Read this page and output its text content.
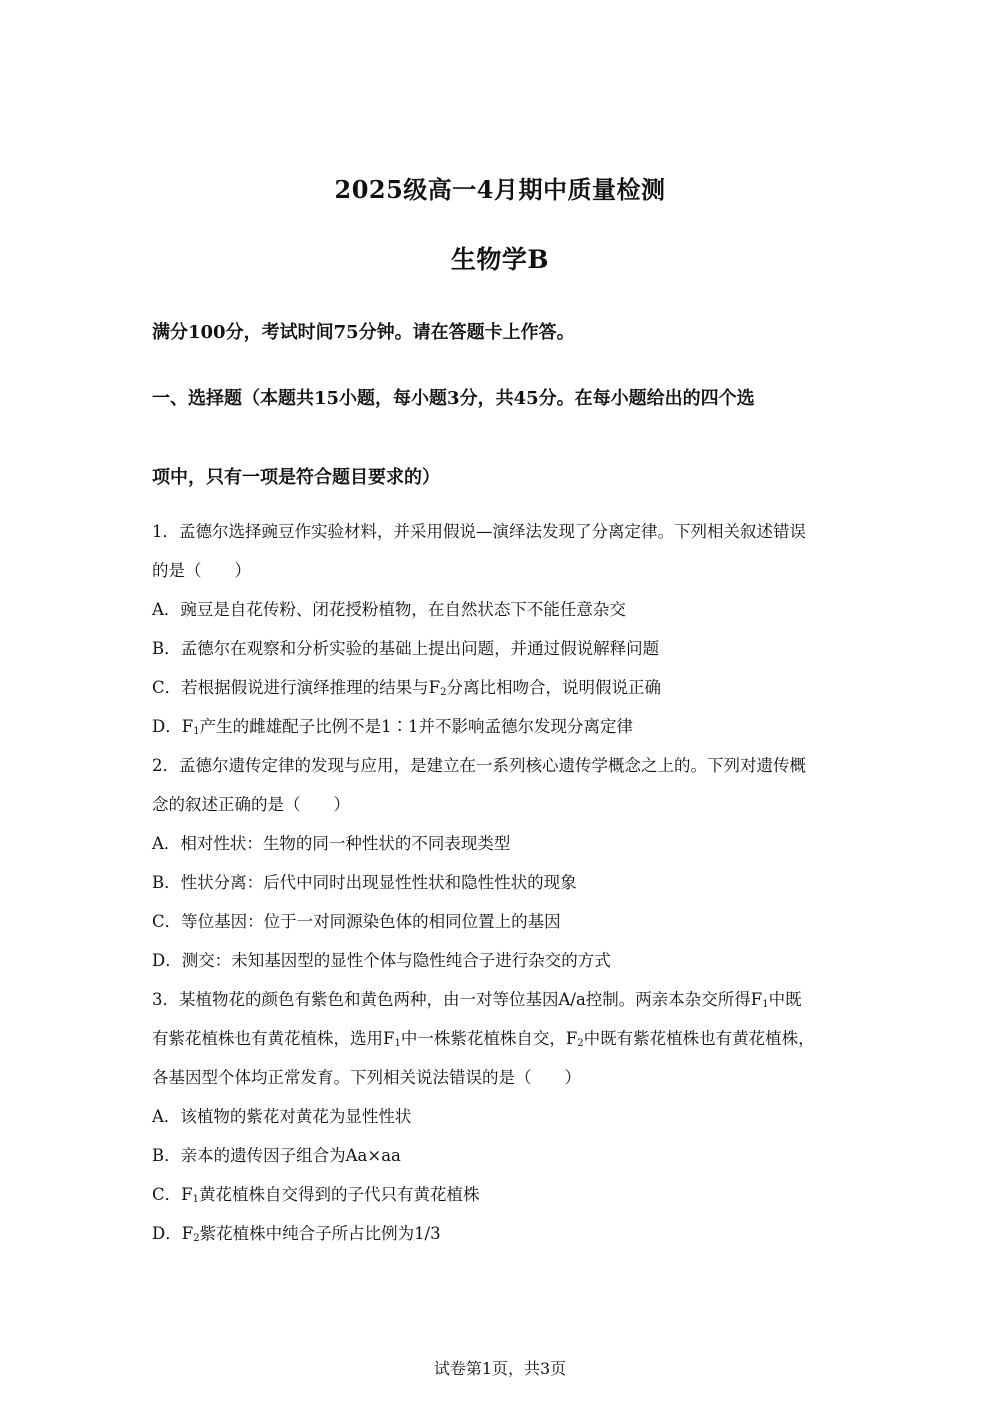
2025级高一4月期中质量检测
生物学B
满分100分，考试时间75分钟。请在答题卡上作答。
一、选择题（本题共15小题，每小题3分，共45分。在每小题给出的四个选
项中，只有一项是符合题目要求的）
1．孟德尔选择豌豆作实验材料，并采用假说—演绎法发现了分离定律。下列相关叙述错误
的是（　　）
A．豌豆是自花传粉、闭花授粉植物，在自然状态下不能任意杂交
B．孟德尔在观察和分析实验的基础上提出问题，并通过假说解释问题
C．若根据假说进行演绎推理的结果与$F_2$分离比相吻合，说明假说正确
D．$F_1$产生的雌雄配子比例不是1∶1并不影响孟德尔发现分离定律
2．孟德尔遗传定律的发现与应用，是建立在一系列核心遗传学概念之上的。下列对遗传概
念的叙述正确的是（　　）
A．相对性状：生物的同一种性状的不同表现类型
B．性状分离：后代中同时出现显性性状和隐性性状的现象
C．等位基因：位于一对同源染色体的相同位置上的基因
D．测交：未知基因型的显性个体与隐性纯合子进行杂交的方式
3．某植物花的颜色有紫色和黄色两种，由一对等位基因A/a控制。两亲本杂交所得$F_1$中既
有紫花植株也有黄花植株，选用$F_1$中一株紫花植株自交，$F_2$中既有紫花植株也有黄花植株，
各基因型个体均正常发育。下列相关说法错误的是（　　）
A．该植物的紫花对黄花为显性性状
B．亲本的遗传因子组合为Aa×aa
C．$F_1$黄花植株自交得到的子代只有黄花植株
D．$F_2$紫花植株中纯合子所占比例为1/3
试卷第1页，共3页
